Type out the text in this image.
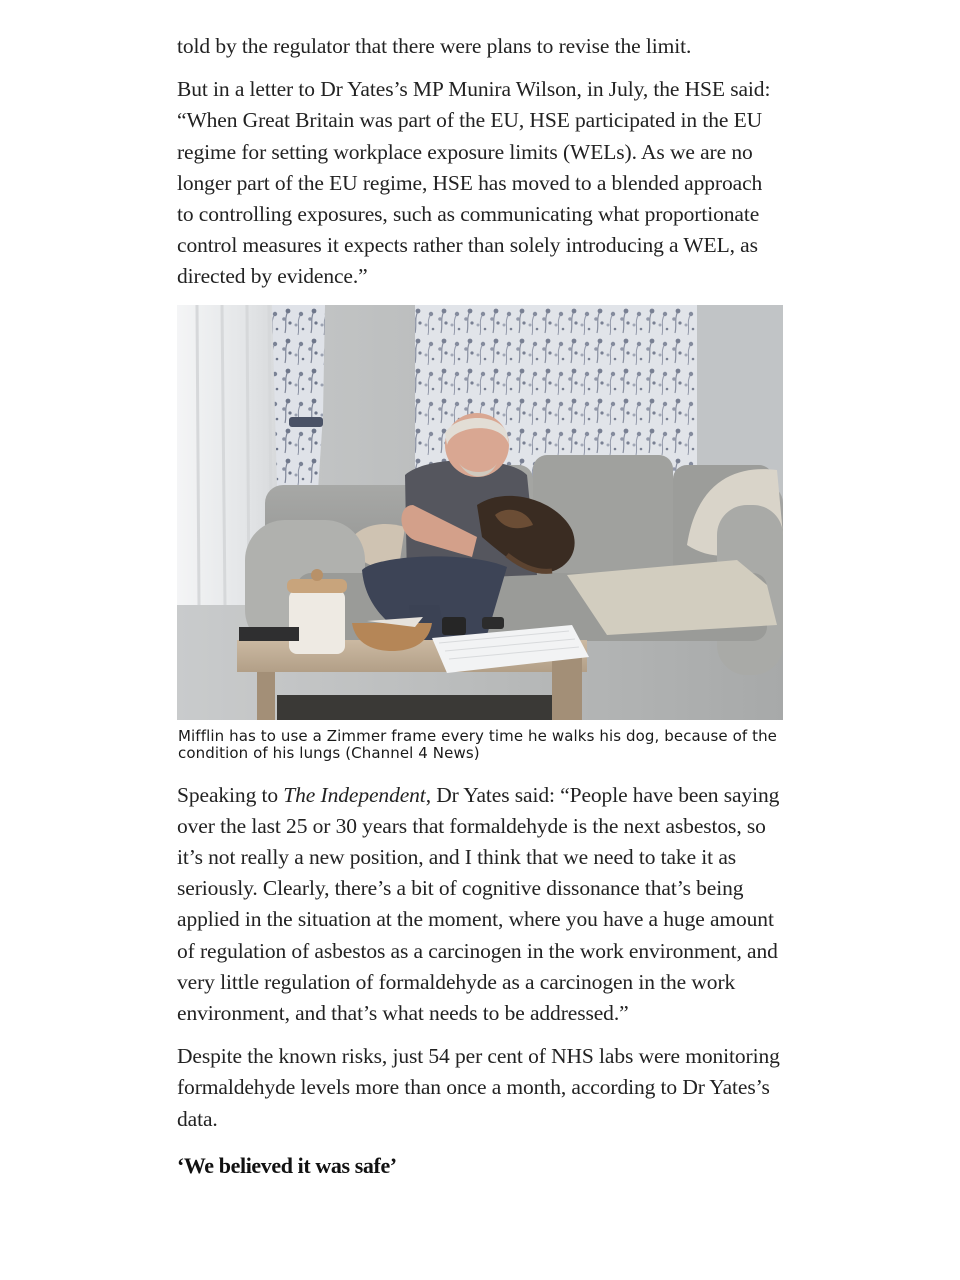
told by the regulator that there were plans to revise the limit.

But in a letter to Dr Yates’s MP Munira Wilson, in July, the HSE said: “When Great Britain was part of the EU, HSE participated in the EU regime for setting workplace exposure limits (WELs). As we are no longer part of the EU regime, HSE has moved to a blended approach to controlling exposures, such as communicating what proportionate control measures it expects rather than solely introducing a WEL, as directed by evidence.”

Mifflin has to use a Zimmer frame every time he walks his dog, because of the condition of his lungs (Channel 4 News)

Speaking to The Independent, Dr Yates said: “People have been saying over the last 25 or 30 years that formaldehyde is the next asbestos, so it’s not really a new position, and I think that we need to take it as seriously. Clearly, there’s a bit of cognitive dissonance that’s being applied in the situation at the moment, where you have a huge amount of regulation of asbestos as a carcinogen in the work environment, and very little regulation of formaldehyde as a carcinogen in the work environment, and that’s what needs to be addressed.”

Despite the known risks, just 54 per cent of NHS labs were monitoring formaldehyde levels more than once a month, according to Dr Yates’s data.

‘We believed it was safe’
